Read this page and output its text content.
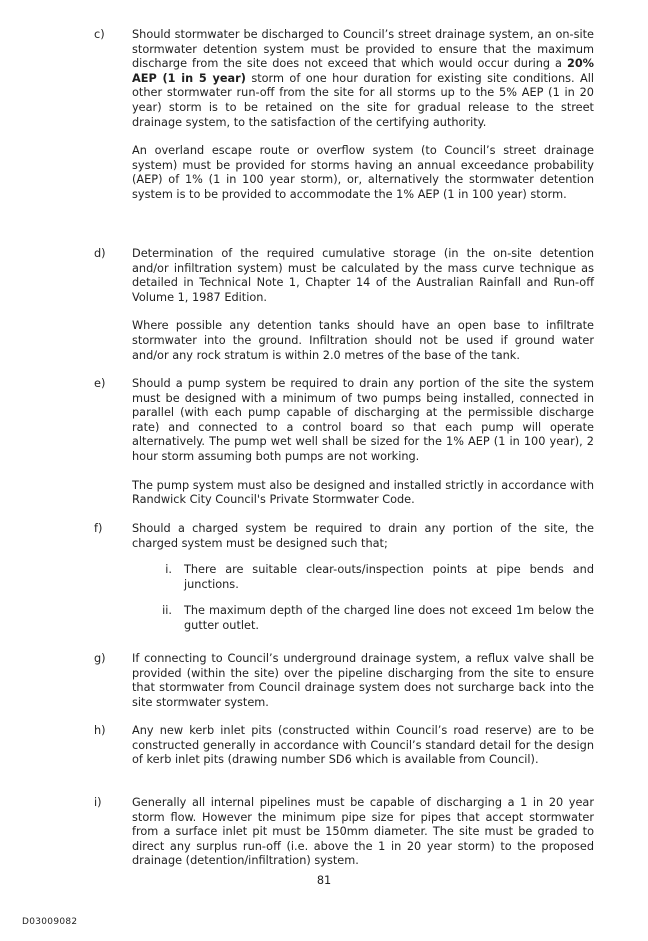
c)	Should stormwater be discharged to Council’s street drainage system, an on-site stormwater detention system must be provided to ensure that the maximum discharge from the site does not exceed that which would occur during a 20% AEP (1 in 5 year) storm of one hour duration for existing site conditions. All other stormwater run-off from the site for all storms up to the 5% AEP (1 in 20 year) storm is to be retained on the site for gradual release to the street drainage system, to the satisfaction of the certifying authority.

An overland escape route or overflow system (to Council’s street drainage system) must be provided for storms having an annual exceedance probability (AEP) of 1% (1 in 100 year storm), or, alternatively the stormwater detention system is to be provided to accommodate the 1% AEP (1 in 100 year) storm.

d)	Determination of the required cumulative storage (in the on-site detention and/or infiltration system) must be calculated by the mass curve technique as detailed in Technical Note 1, Chapter 14 of the Australian Rainfall and Run-off Volume 1, 1987 Edition.

Where possible any detention tanks should have an open base to infiltrate stormwater into the ground. Infiltration should not be used if ground water and/or any rock stratum is within 2.0 metres of the base of the tank.

e)	Should a pump system be required to drain any portion of the site the system must be designed with a minimum of two pumps being installed, connected in parallel (with each pump capable of discharging at the permissible discharge rate) and connected to a control board so that each pump will operate alternatively. The pump wet well shall be sized for the 1% AEP (1 in 100 year), 2 hour storm assuming both pumps are not working.

The pump system must also be designed and installed strictly in accordance with Randwick City Council's Private Stormwater Code.

f)	Should a charged system be required to drain any portion of the site, the charged system must be designed such that;

i. There are suitable clear-outs/inspection points at pipe bends and junctions.
ii. The maximum depth of the charged line does not exceed 1m below the gutter outlet.
g)	If connecting to Council’s underground drainage system, a reflux valve shall be provided (within the site) over the pipeline discharging from the site to ensure that stormwater from Council drainage system does not surcharge back into the site stormwater system.

h)	Any new kerb inlet pits (constructed within Council’s road reserve) are to be constructed generally in accordance with Council’s standard detail for the design of kerb inlet pits (drawing number SD6 which is available from Council).

i)	Generally all internal pipelines must be capable of discharging a 1 in 20 year storm flow. However the minimum pipe size for pipes that accept stormwater from a surface inlet pit must be 150mm diameter. The site must be graded to direct any surplus run-off (i.e. above the 1 in 20 year storm) to the proposed drainage (detention/infiltration) system.

81
D03009082
